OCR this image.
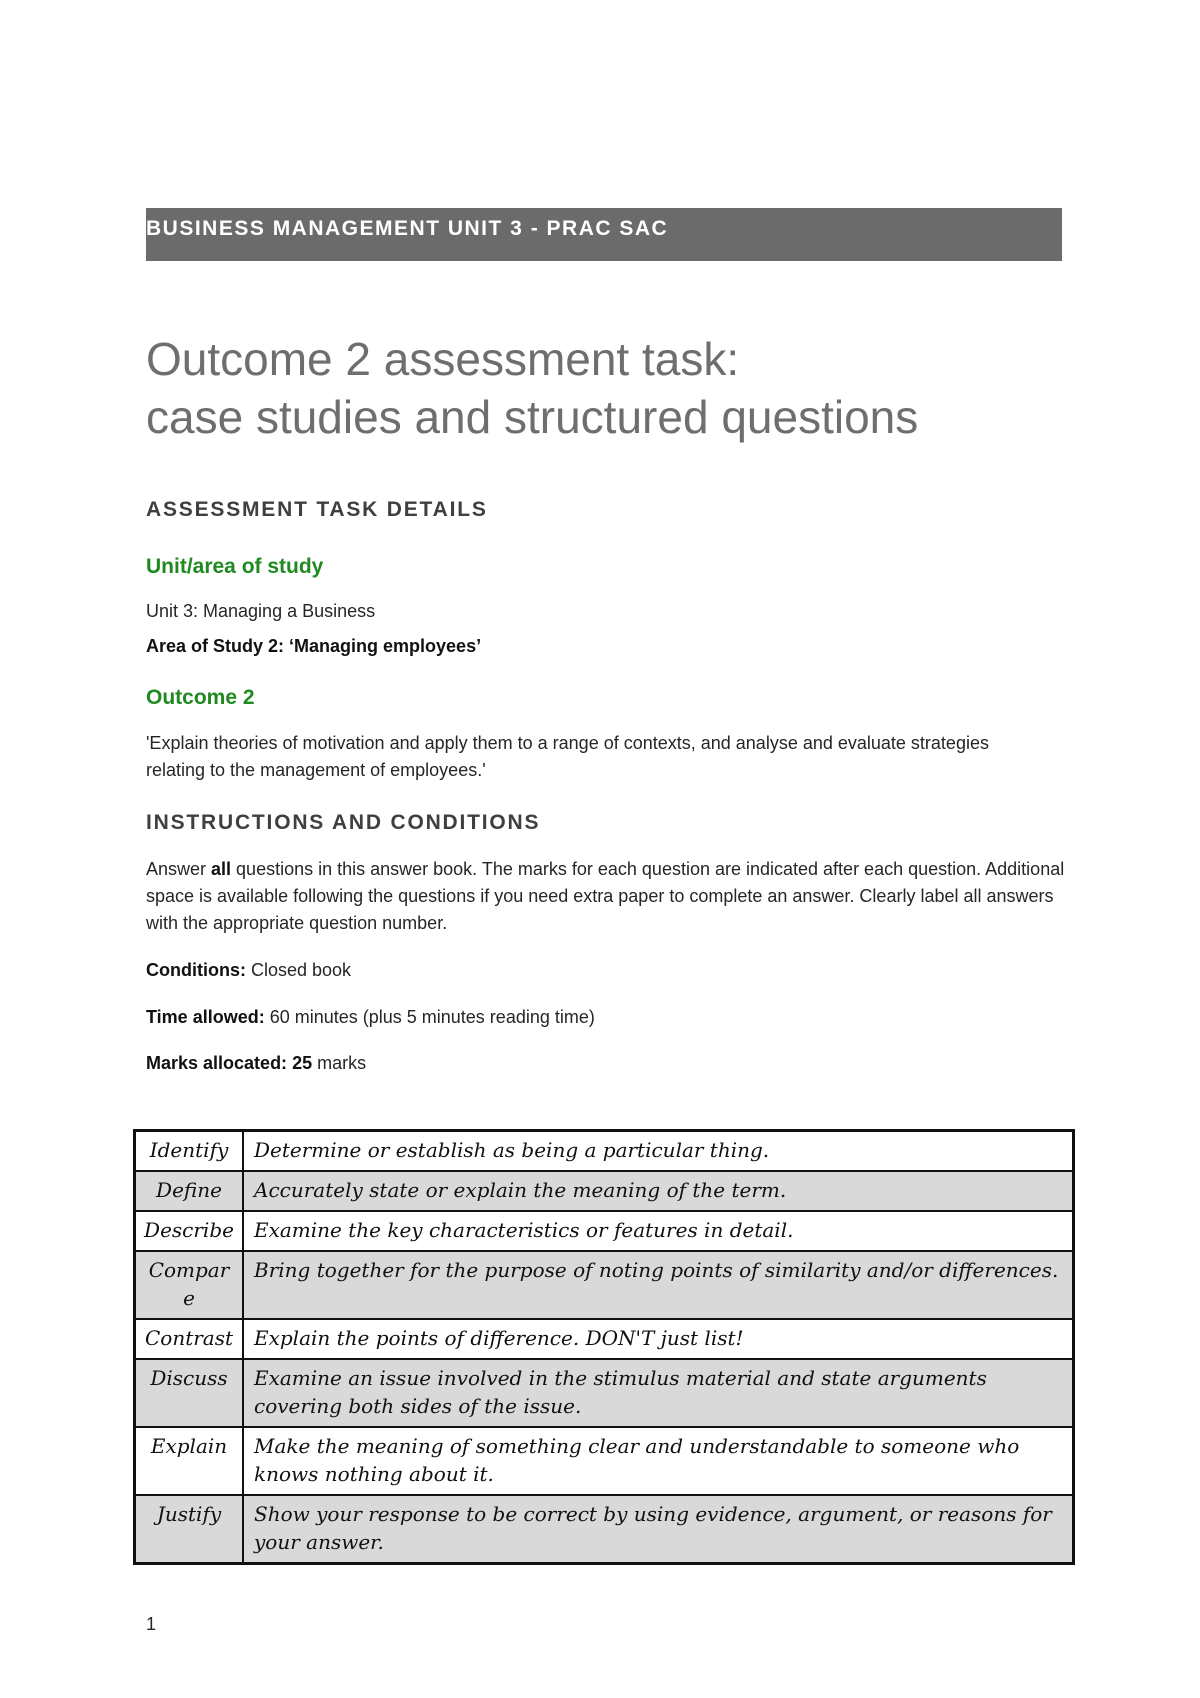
BUSINESS MANAGEMENT UNIT 3 - PRAC SAC
Outcome 2 assessment task:
case studies and structured questions
ASSESSMENT TASK DETAILS
Unit/area of study
Unit 3: Managing a Business
Area of Study 2: ‘Managing employees’
Outcome 2
'Explain theories of motivation and apply them to a range of contexts, and analyse and evaluate strategies relating to the management of employees.'
INSTRUCTIONS AND CONDITIONS
Answer all questions in this answer book. The marks for each question are indicated after each question. Additional space is available following the questions if you need extra paper to complete an answer. Clearly label all answers with the appropriate question number.
Conditions: Closed book
Time allowed: 60 minutes (plus 5 minutes reading time)
Marks allocated: 25 marks
Identify	Determine or establish as being a particular thing.
Define	Accurately state or explain the meaning of the term.
Describe	Examine the key characteristics or features in detail.
Compar e	Bring together for the purpose of noting points of similarity and/or differences.
Contrast	Explain the points of difference. DON'T just list!
Discuss	Examine an issue involved in the stimulus material and state arguments covering both sides of the issue.
Explain	Make the meaning of something clear and understandable to someone who knows nothing about it.
Justify	Show your response to be correct by using evidence, argument, or reasons for your answer.
1
